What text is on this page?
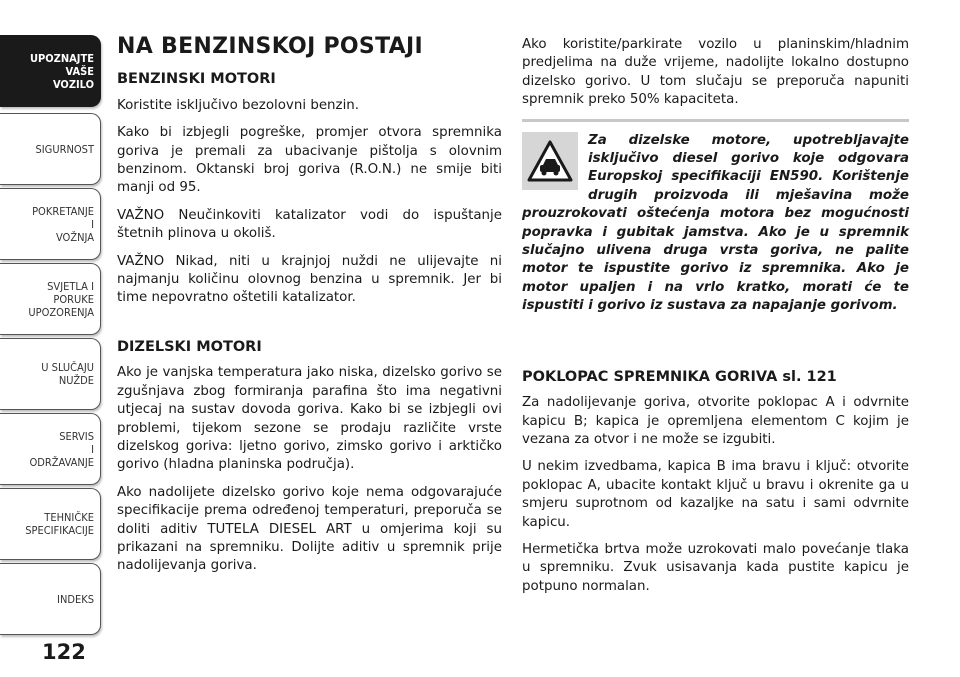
UPOZNAJTE
VAŠE
VOZILO
SIGURNOST
POKRETANJE
I
VOŽNJA
SVJETLA I
PORUKE
UPOZORENJA
U SLUČAJU
NUŽDE
SERVIS
I
ODRŽAVANJE
TEHNIČKE
SPECIFIKACIJE
INDEKS
122
NA BENZINSKOJ POSTAJI
BENZINSKI MOTORI

Koristite isključivo bezolovni benzin.

Kako bi izbjegli pogreške, promjer otvora spremnika goriva je premali za ubacivanje pištolja s olovnim benzinom. Oktanski broj goriva (R.O.N.) ne smije biti manji od 95.

VAŽNO Neučinkoviti katalizator vodi do ispuštanje štetnih plinova u okoliš.

VAŽNO Nikad, niti u krajnjoj nuždi ne ulijevajte ni najmanju količinu olovnog benzina u spremnik. Jer bi time nepovratno oštetili katalizator.

DIZELSKI MOTORI

Ako je vanjska temperatura jako niska, dizelsko gorivo se zgušnjava zbog formiranja parafina što ima negativni utjecaj na sustav dovoda goriva. Kako bi se izbjegli ovi problemi, tijekom sezone se prodaju različite vrste dizelskog goriva: ljetno gorivo, zimsko gorivo i arktičko gorivo (hladna planinska područja).

Ako nadolijete dizelsko gorivo koje nema odgovarajuće specifikacije prema određenoj temperaturi, preporuča se doliti aditiv TUTELA DIESEL ART u omjerima koji su prikazani na spremniku. Dolijte aditiv u spremnik prije nadolijevanja goriva.

Ako koristite/parkirate vozilo u planinskim/hladnim predjelima na duže vrijeme, nadolijte lokalno dostupno dizelsko gorivo. U tom slučaju se preporuča napuniti spremnik preko 50% kapaciteta.

Za dizelske motore, upotrebljavajte isključivo diesel gorivo koje odgovara Europskoj specifikaciji EN590. Korištenje drugih proizvoda ili mješavina može prouzrokovati oštećenja motora bez mogućnosti popravka i gubitak jamstva. Ako je u spremnik slučajno ulivena druga vrsta goriva, ne palite motor te ispustite gorivo iz spremnika. Ako je motor upaljen i na vrlo kratko, morati će te ispustiti i gorivo iz sustava za napajanje gorivom.
POKLOPAC SPREMNIKA GORIVA sl. 121

Za nadolijevanje goriva, otvorite poklopac A i odvrnite kapicu B; kapica je opremljena elementom C kojim je vezana za otvor i ne može se izgubiti.

U nekim izvedbama, kapica B ima bravu i ključ: otvorite poklopac A, ubacite kontakt ključ u bravu i okrenite ga u smjeru suprotnom od kazaljke na satu i sami odvrnite kapicu.

Hermetička brtva može uzrokovati malo povećanje tlaka u spremniku. Zvuk usisavanja kada pustite kapicu je potpuno normalan.
